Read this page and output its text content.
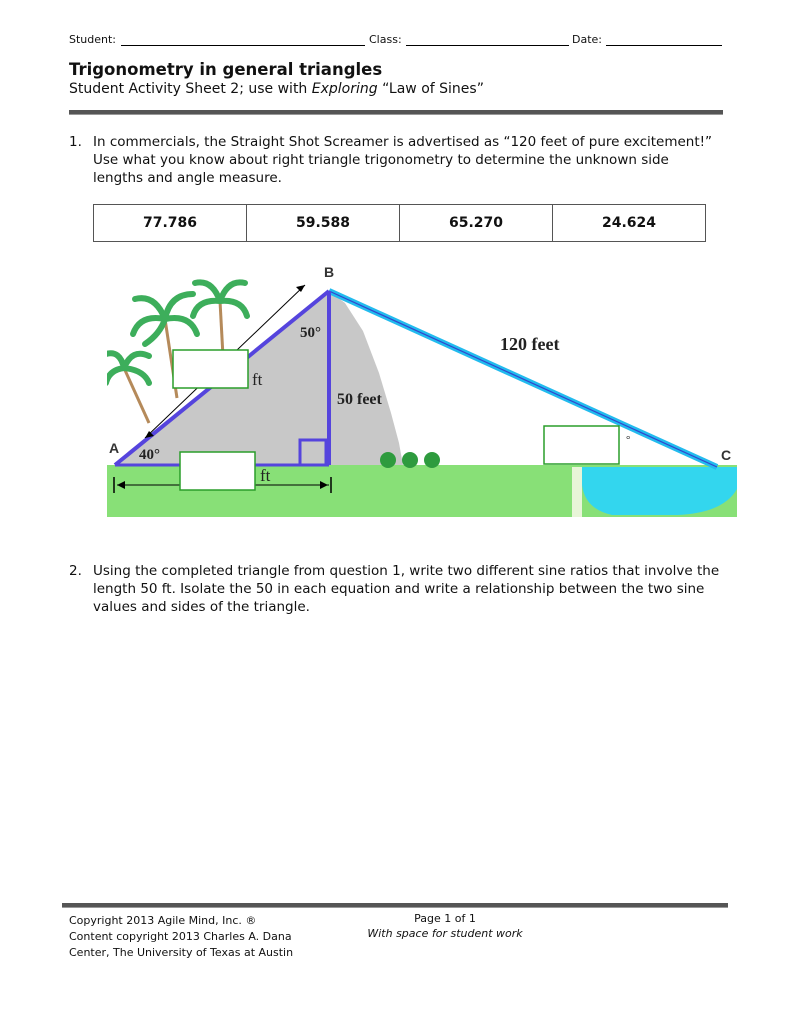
Student:	Class:	Date:
Trigonometry in general triangles
Student Activity Sheet 2; use with Exploring “Law of Sines”
1. In commercials, the Straight Shot Screamer is advertised as “120 feet of pure excitement!” Use what you know about right triangle trigonometry to determine the unknown side lengths and angle measure.
77.786	59.588	65.270	24.624
B
A	C
40°
50°
50 feet
120 feet
ft
ft
°
2. Using the completed triangle from question 1, write two different sine ratios that involve the length 50 ft. Isolate the 50 in each equation and write a relationship between the two sine values and sides of the triangle.
Copyright 2013 Agile Mind, Inc. ®
Content copyright 2013 Charles A. Dana
Center, The University of Texas at Austin
Page 1 of 1
With space for student work
